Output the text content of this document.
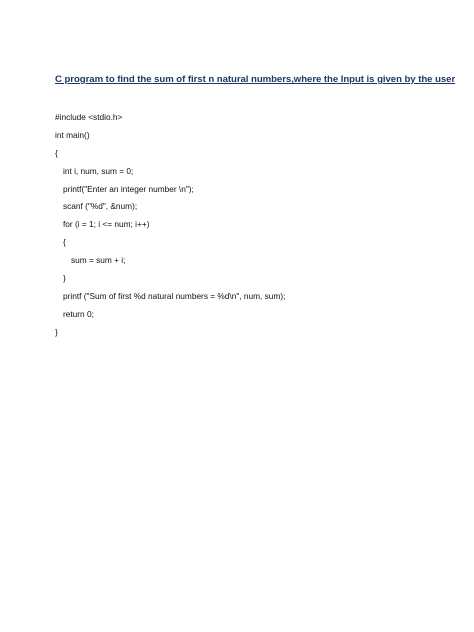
C program to find the sum of first n natural numbers,where the Input is given by the user
#include <stdio.h>
int main()
{
int i, num, sum = 0;
printf("Enter an integer number \n");
scanf ("%d", &num);
for (i = 1; i <= num; i++)
{
sum = sum + i;
}
printf ("Sum of first %d natural numbers = %d\n", num, sum);
return 0;
}
